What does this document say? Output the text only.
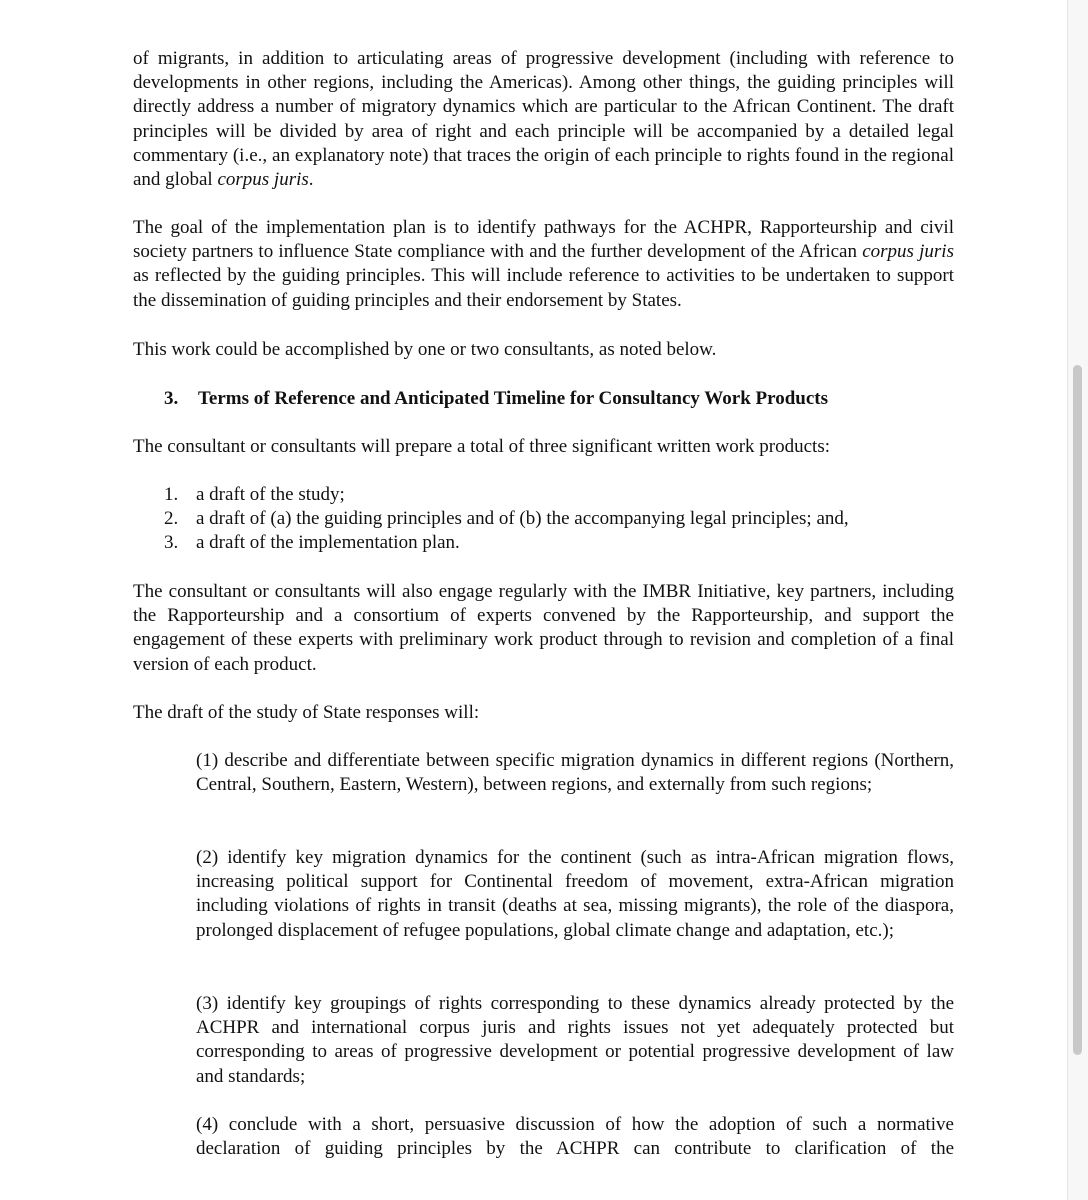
of migrants, in addition to articulating areas of progressive development (including with reference to developments in other regions, including the Americas). Among other things, the guiding principles will directly address a number of migratory dynamics which are particular to the African Continent. The draft principles will be divided by area of right and each principle will be accompanied by a detailed legal commentary (i.e., an explanatory note) that traces the origin of each principle to rights found in the regional and global corpus juris.

The goal of the implementation plan is to identify pathways for the ACHPR, Rapporteurship and civil society partners to influence State compliance with and the further development of the African corpus juris as reflected by the guiding principles. This will include reference to activities to be undertaken to support the dissemination of guiding principles and their endorsement by States.

This work could be accomplished by one or two consultants, as noted below.

3. Terms of Reference and Anticipated Timeline for Consultancy Work Products

The consultant or consultants will prepare a total of three significant written work products:

1. a draft of the study;
2. a draft of (a) the guiding principles and of (b) the accompanying legal principles; and,
3. a draft of the implementation plan.

The consultant or consultants will also engage regularly with the IMBR Initiative, key partners, including the Rapporteurship and a consortium of experts convened by the Rapporteurship, and support the engagement of these experts with preliminary work product through to revision and completion of a final version of each product.

The draft of the study of State responses will:

(1) describe and differentiate between specific migration dynamics in different regions (Northern, Central, Southern, Eastern, Western), between regions, and externally from such regions;

(2) identify key migration dynamics for the continent (such as intra-African migration flows, increasing political support for Continental freedom of movement, extra-African migration including violations of rights in transit (deaths at sea, missing migrants), the role of the diaspora, prolonged displacement of refugee populations, global climate change and adaptation, etc.);

(3) identify key groupings of rights corresponding to these dynamics already protected by the ACHPR and international corpus juris and rights issues not yet adequately protected but corresponding to areas of progressive development or potential progressive development of law and standards;

(4) conclude with a short, persuasive discussion of how the adoption of such a normative declaration of guiding principles by the ACHPR can contribute to clarification of the
